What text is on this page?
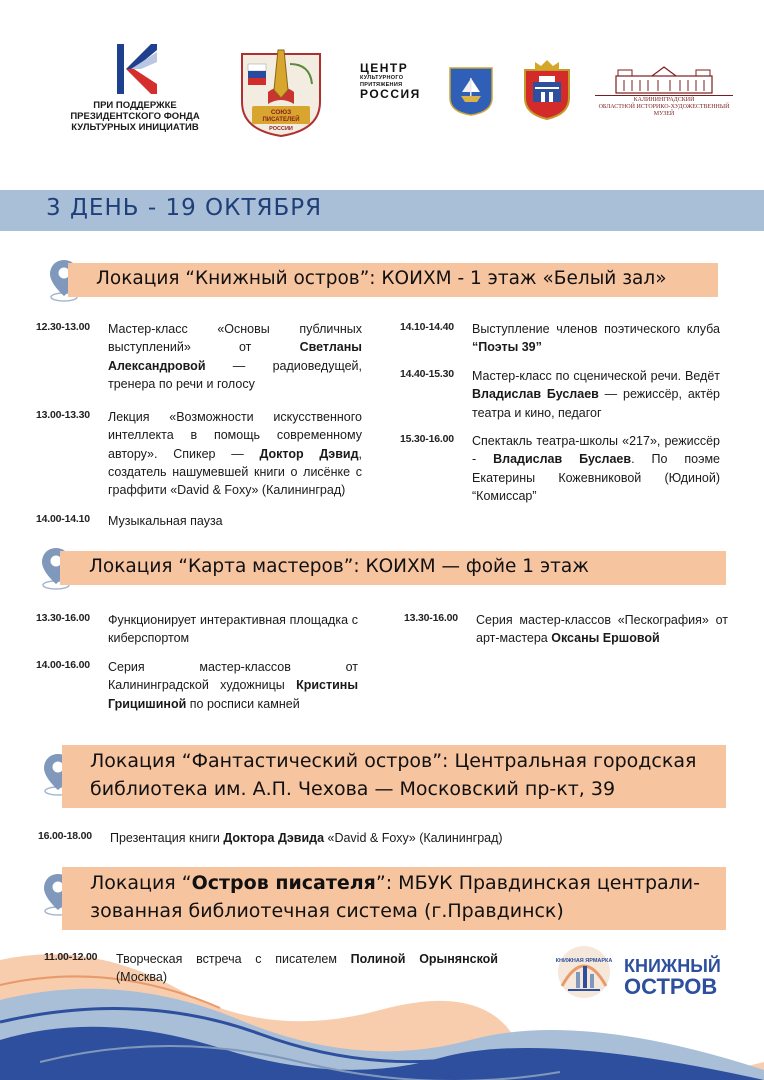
ПРИ ПОДДЕРЖКЕ
ПРЕЗИДЕНТСКОГО ФОНДА
КУЛЬТУРНЫХ ИНИЦИАТИВ
СОЮЗ
ПИСАТЕЛЕЙ
РОССИИ
ЦЕНТР
КУЛЬТУРНОГО
ПРИТЯЖЕНИЯ
РОССИЯ	КАЛИНИНГРАДСКИЙ
ОБЛАСТНОЙ ИСТОРИКО-ХУДОЖЕСТВЕННЫЙ МУЗЕЙ
3 ДЕНЬ - 19 ОКТЯБРЯ
Локация “Книжный остров”: КОИХМ - 1 этаж «Белый зал»
12.30-13.00	Мастер-класс «Основы публичных выступлений» от Светланы Александровой — радиоведущей, тренера по речи и голосу
13.00-13.30	Лекция «Возможности искусственного интеллекта в помощь современному автору». Спикер — Доктор Дэвид, создатель нашумевшей книги о лисёнке с граффити «David & Foxy» (Калининград)
14.00-14.10	Музыкальная пауза
14.10-14.40	Выступление членов поэтического клуба “Поэты 39”
14.40-15.30	Мастер-класс по сценической речи. Ведёт Владислав Буслаев — режиссёр, актёр театра и кино, педагог
15.30-16.00	Спектакль театра-школы «217», режиссёр - Владислав Буслаев. По поэме Екатерины Кожевниковой (Юдиной) “Комиссар”
Локация “Карта мастеров”: КОИХМ — фойе 1 этаж
13.30-16.00	Функционирует интерактивная площадка с киберспортом
14.00-16.00	Серия мастер-классов от Калининградской художницы Кристины Грицишиной по росписи камней
13.30-16.00	Серия мастер-классов «Пескография» от арт-мастера Оксаны Ершовой
Локация “Фантастический остров”: Центральная городская
библиотека им. А.П. Чехова — Московский пр-кт, 39
16.00-18.00	Презентация книги Доктора Дэвида «David & Foxy» (Калининград)
Локация “Остров писателя”: МБУК Правдинская централи-
зованная библиотечная система (г.Правдинск)
11.00-12.00	Творческая встреча с писателем Полиной Орынянской (Москва)
КНИЖНАЯ ЯРМАРКА КНИЖНЫЙ
ОСТРОВ
